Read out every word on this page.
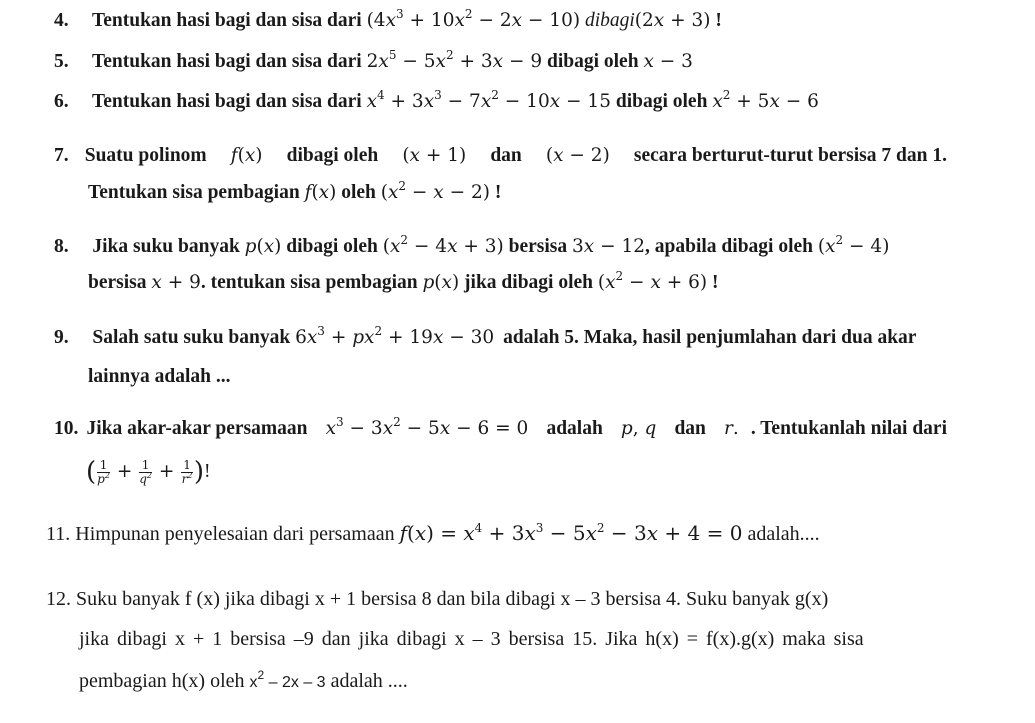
4. Tentukan hasi bagi dan sisa dari $(4x^3 + 10x^2 - 2x - 10)$ dibagi(2x + 3) !
5. Tentukan hasi bagi dan sisa dari $2x^5 - 5x^2 + 3x - 9$ dibagi oleh x − 3
6. Tentukan hasi bagi dan sisa dari $x^4 + 3x^3 - 7x^2 - 10x - 15$ dibagi oleh $x^2 + 5x - 6$
7. Suatu polinom f(x) dibagi oleh (x + 1) dan (x − 2) secara berturut-turut bersisa 7 dan 1.
Tentukan sisa pembagian f(x) oleh $(x^2 - x - 2)$ !
8. Jika suku banyak p(x) dibagi oleh $(x^2 - 4x + 3)$ bersisa 3x − 12, apabila dibagi oleh $(x^2 - 4)$
bersisa x + 9. tentukan sisa pembagian p(x) jika dibagi oleh $(x^2 - x + 6)$ !
9. Salah satu suku banyak $6x^3 + px^2 + 19x - 30$ adalah 5. Maka, hasil penjumlahan dari dua akar
lainnya adalah ...
10. Jika akar-akar persamaan $x^3 - 3x^2 - 5x - 6 = 0$ adalah p, q dan r. . Tentukanlah nilai dari
( $\frac{1}{p^2} + \frac{1}{q^2} + \frac{1}{r^2}$ )!
11. Himpunan penyelesaian dari persamaan $f(x) = x^4 + 3x^3 - 5x^2 - 3x + 4 = 0$ adalah....
12. Suku banyak f (x) jika dibagi x + 1 bersisa 8 dan bila dibagi x – 3 bersisa 4. Suku banyak g(x)
jika dibagi x + 1 bersisa –9 dan jika dibagi x – 3 bersisa 15. Jika h(x) = f(x).g(x) maka sisa
pembagian h(x) oleh $x^2 - 2x - 3$ adalah ....
